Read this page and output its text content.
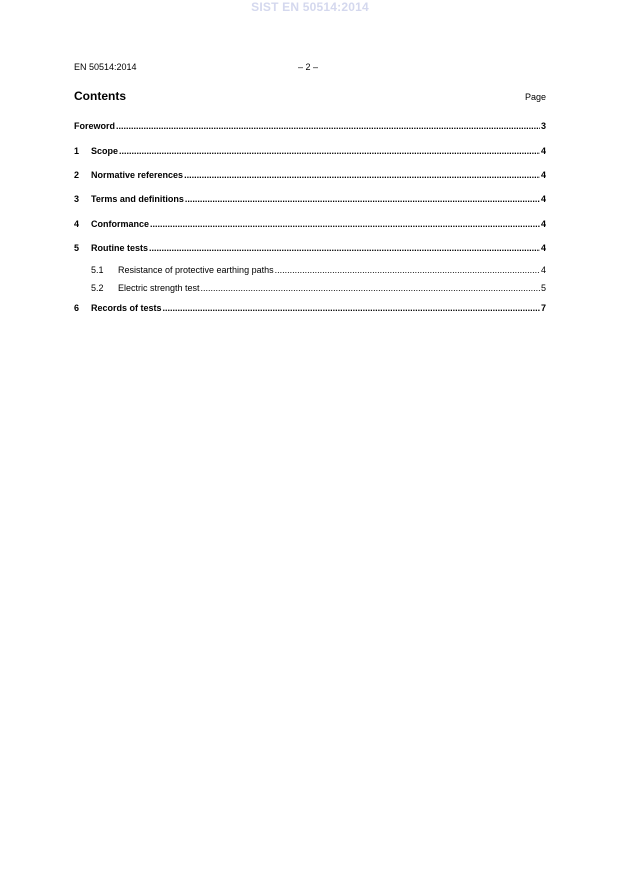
SIST EN 50514:2014
EN 50514:2014	– 2 –
Contents	Page
Foreword .....	3
1	Scope .....	4
2	Normative references .....	4
3	Terms and definitions .....	4
4	Conformance .....	4
5	Routine tests .....	4
5.1	Resistance of protective earthing paths .....	4
5.2	Electric strength test .....	5
6	Records of tests .....	7
